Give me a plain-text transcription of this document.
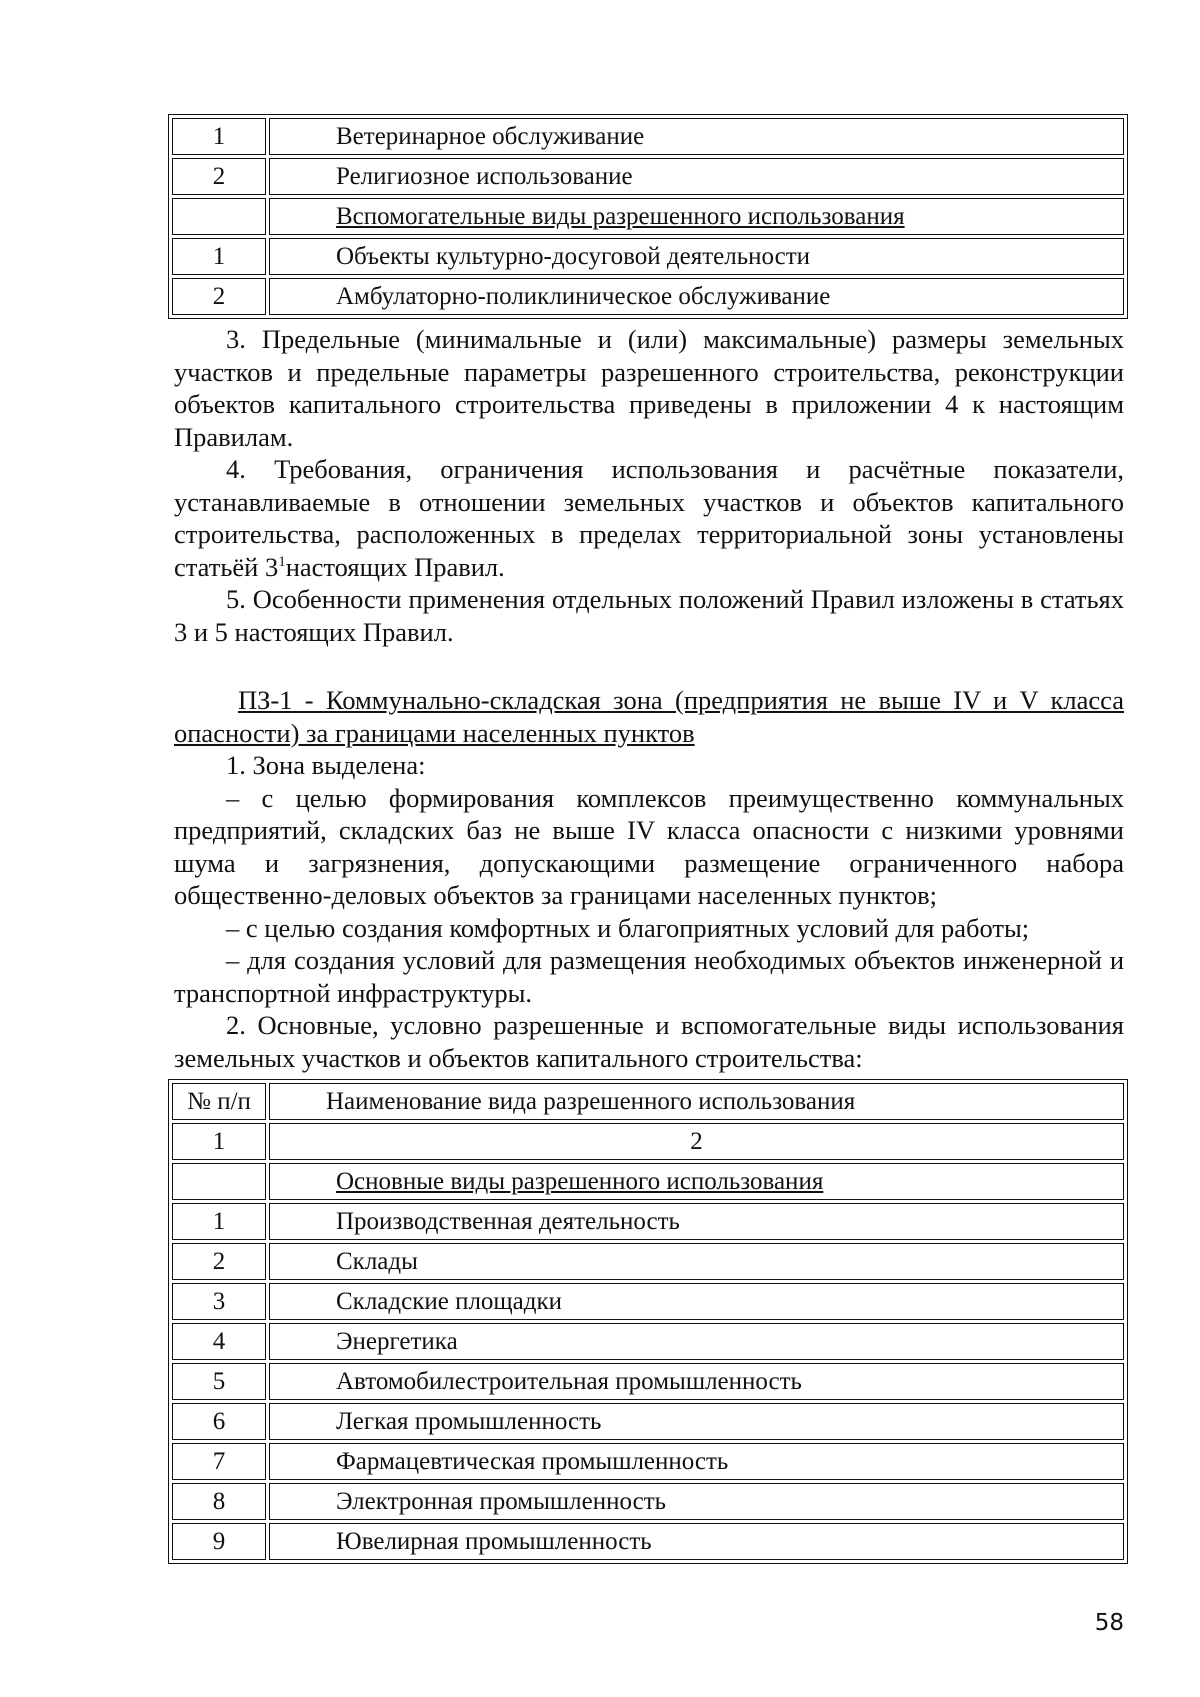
1	Ветеринарное обслуживание
2	Религиозное использование
	Вспомогательные виды разрешенного использования
1	Объекты культурно-досуговой деятельности
2	Амбулаторно-поликлиническое обслуживание

3. Предельные (минимальные и (или) максимальные) размеры земельных участков и предельные параметры разрешенного строительства, реконструкции объектов капитального строительства приведены в приложении 4 к настоящим Правилам.

4. Требования, ограничения использования и расчётные показатели, устанавливаемые в отношении земельных участков и объектов капитального строительства, расположенных в пределах территориальной зоны установлены статьёй $3^1настоящих$ Правил.

5. Особенности применения отдельных положений Правил изложены в статьях 3 и 5 настоящих Правил.

ПЗ-1 - Коммунально-складская зона (предприятия не выше IV и V класса опасности) за границами населенных пунктов

1. Зона выделена:

– с целью формирования комплексов преимущественно коммунальных предприятий, складских баз не выше IV класса опасности с низкими уровнями шума и загрязнения, допускающими размещение ограниченного набора общественно-деловых объектов за границами населенных пунктов;

– с целью создания комфортных и благоприятных условий для работы;

– для создания условий для размещения необходимых объектов инженерной и транспортной инфраструктуры.

2. Основные, условно разрешенные и вспомогательные виды использования земельных участков и объектов капитального строительства:

№ п/п	Наименование вида разрешенного использования
1	2
	Основные виды разрешенного использования
1	Производственная деятельность
2	Склады
3	Складские площадки
4	Энергетика
5	Автомобилестроительная промышленность
6	Легкая промышленность
7	Фармацевтическая промышленность
8	Электронная промышленность
9	Ювелирная промышленность
58
